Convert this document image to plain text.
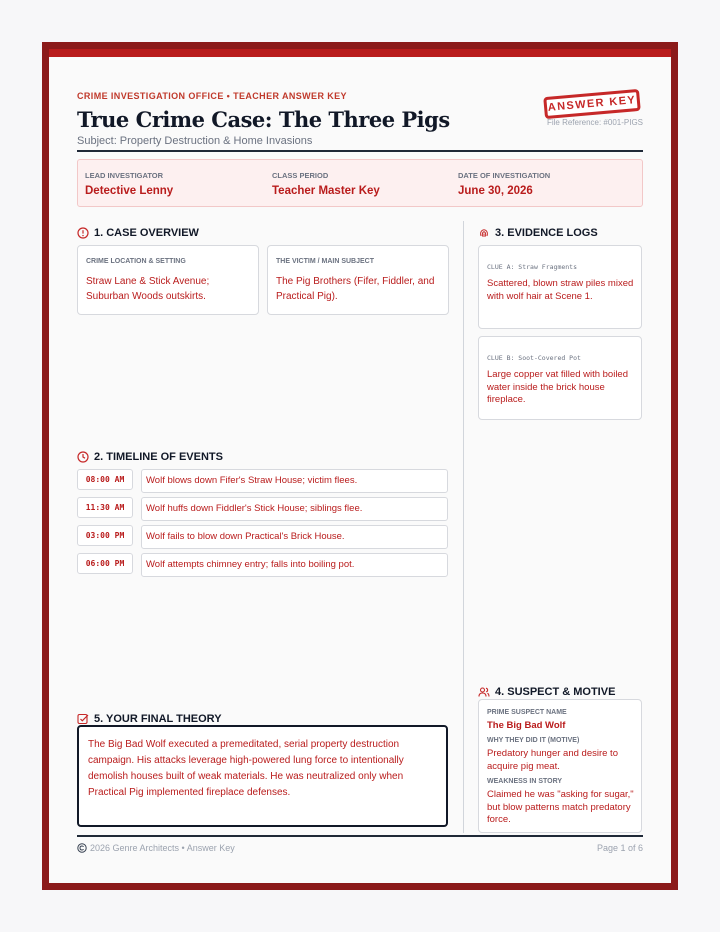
CRIME INVESTIGATION OFFICE • TEACHER ANSWER KEY
True Crime Case: The Three Pigs
Subject: Property Destruction & Home Invasions
ANSWER KEY
File Reference: #001-PIGS
LEAD INVESTIGATOR
Detective Lenny
CLASS PERIOD
Teacher Master Key
DATE OF INVESTIGATION
June 30, 2026
1. CASE OVERVIEW
CRIME LOCATION & SETTING
Straw Lane & Stick Avenue; Suburban Woods outskirts.
THE VICTIM / MAIN SUBJECT
The Pig Brothers (Fifer, Fiddler, and Practical Pig).
3. EVIDENCE LOGS
CLUE A: Straw Fragments
Scattered, blown straw piles mixed with wolf hair at Scene 1.
CLUE B: Soot-Covered Pot
Large copper vat filled with boiled water inside the brick house fireplace.
2. TIMELINE OF EVENTS
08:00 AM	Wolf blows down Fifer's Straw House; victim flees.
11:30 AM	Wolf huffs down Fiddler's Stick House; siblings flee.
03:00 PM	Wolf fails to blow down Practical's Brick House.
06:00 PM	Wolf attempts chimney entry; falls into boiling pot.
4. SUSPECT & MOTIVE
PRIME SUSPECT NAME
The Big Bad Wolf
WHY THEY DID IT (MOTIVE)
Predatory hunger and desire to acquire pig meat.
WEAKNESS IN STORY
Claimed he was "asking for sugar," but blow patterns match predatory force.
5. YOUR FINAL THEORY
The Big Bad Wolf executed a premeditated, serial property destruction campaign. His attacks leverage high-powered lung force to intentionally demolish houses built of weak materials. He was neutralized only when Practical Pig implemented fireplace defenses.
2026 Genre Architects • Answer Key	Page 1 of 6
